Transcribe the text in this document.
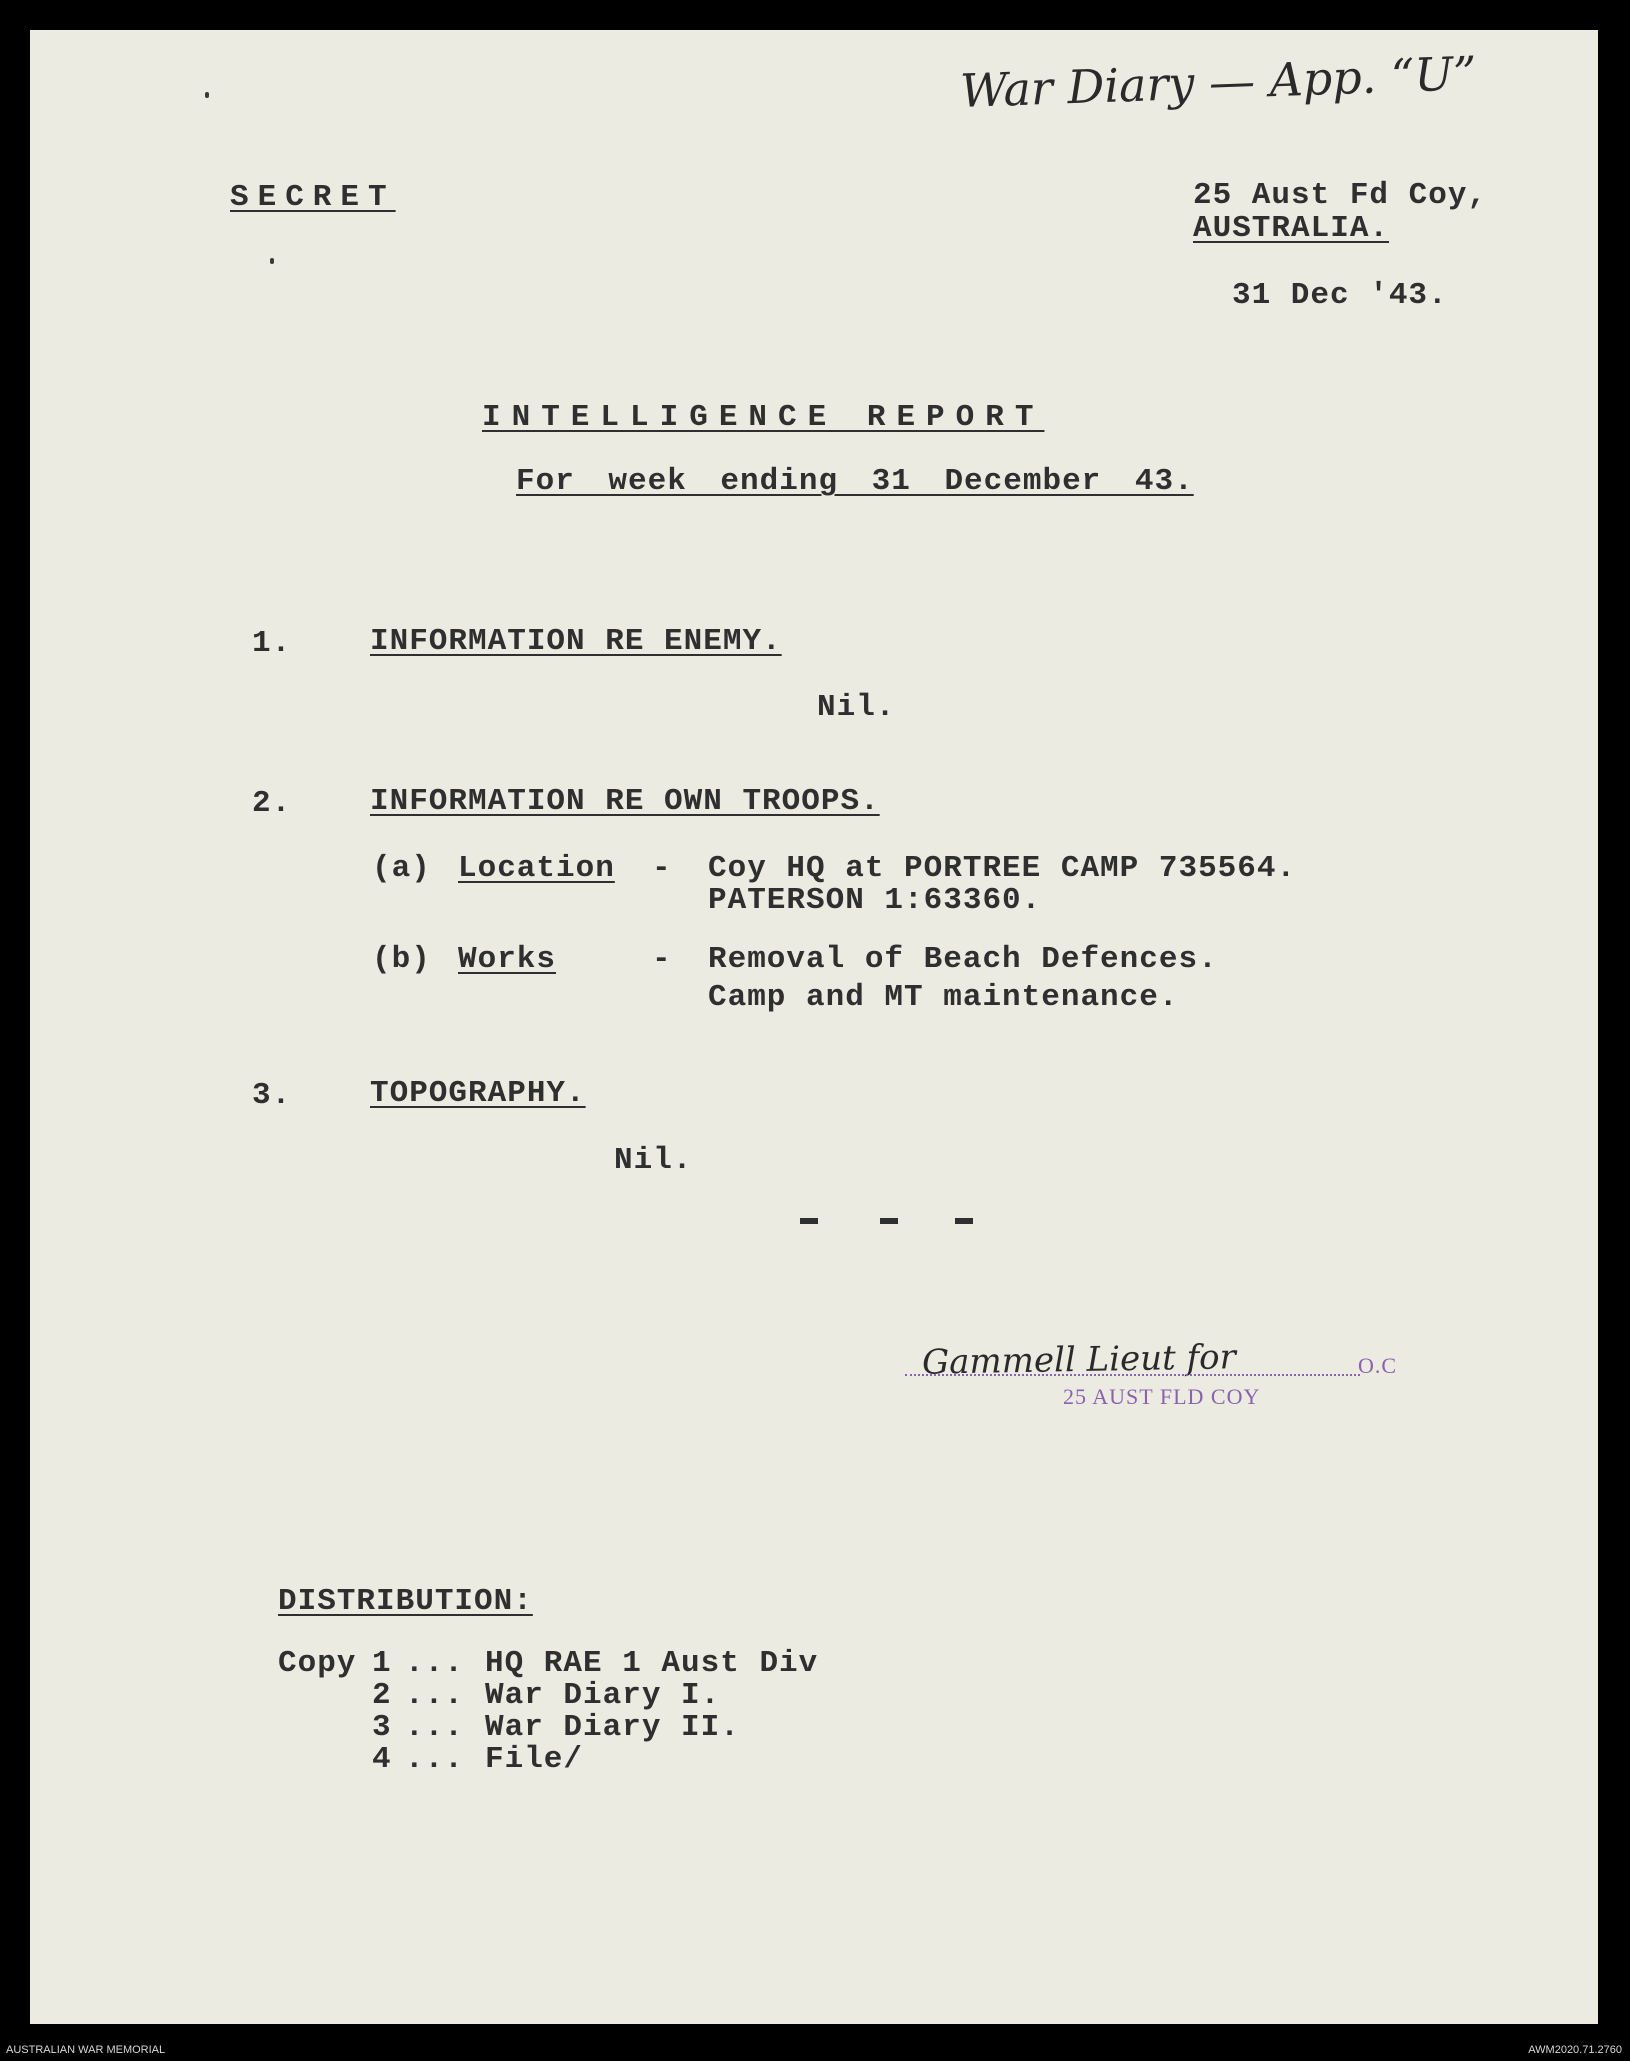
War Diary — App. “U”
SECRET	25 Aust Fd Coy,
AUSTRALIA.
31 Dec '43.
INTELLIGENCE REPORT
For week ending 31 December 43.
1.	INFORMATION RE ENEMY.
Nil.
2.	INFORMATION RE OWN TROOPS.
(a) Location - Coy HQ at PORTREE CAMP 735564.
PATERSON 1:63360.
(b) Works	- Removal of Beach Defences.
Camp and MT maintenance.
3.	TOPOGRAPHY.
Nil.
Gammell Lieut for	O.C
25 AUST FLD COY
DISTRIBUTION:
Copy 1 ... HQ RAE 1 Aust Div
2 ... War Diary I.
3 ... War Diary II.
4 ... File/
AUSTRALIAN WAR MEMORIAL	AWM2020.71.2760
